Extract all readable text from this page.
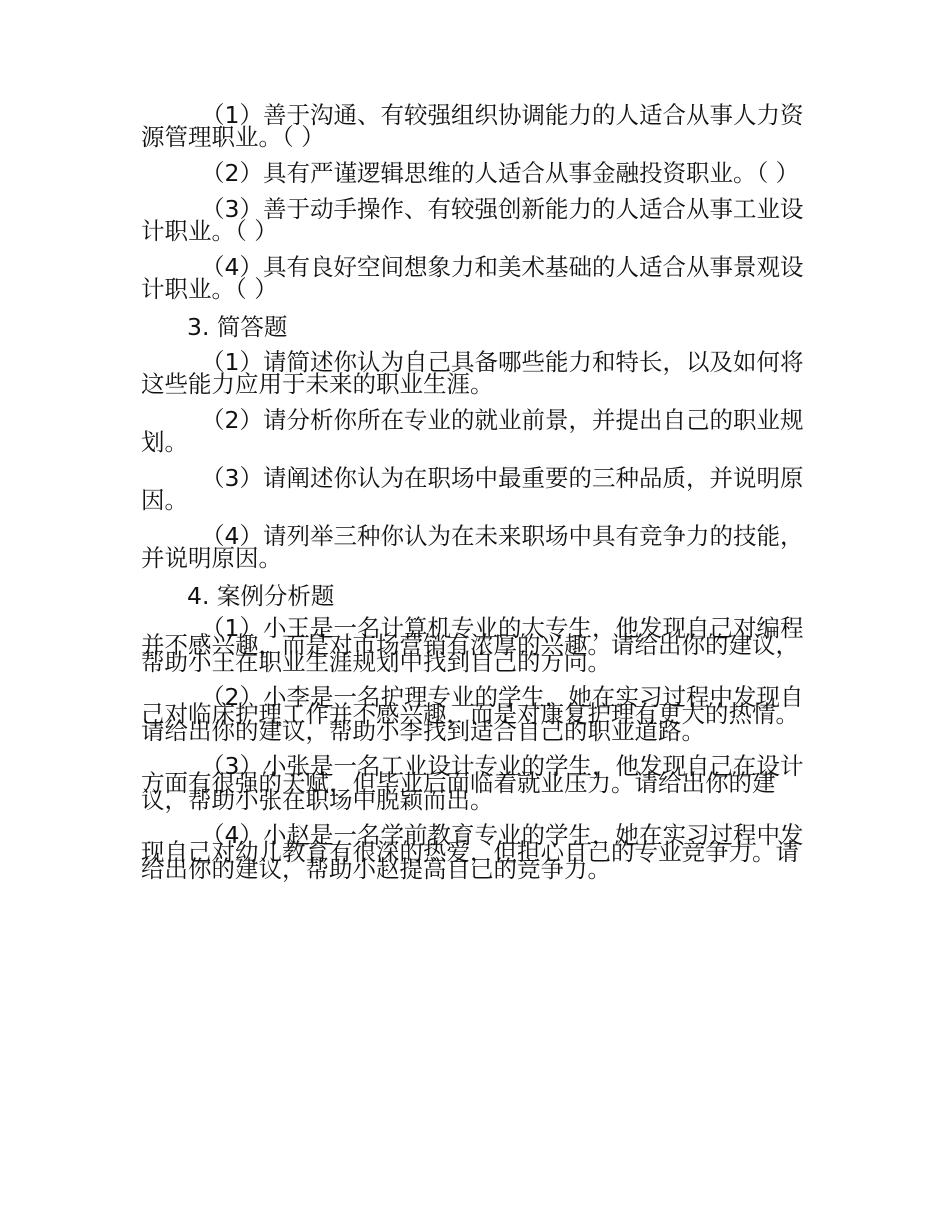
（1）善于沟通、有较强组织协调能力的人适合从事人力资源管理职业。（ ）

（2）具有严谨逻辑思维的人适合从事金融投资职业。（ ）

（3）善于动手操作、有较强创新能力的人适合从事工业设计职业。（ ）

（4）具有良好空间想象力和美术基础的人适合从事景观设计职业。（ ）

3. 简答题

（1）请简述你认为自己具备哪些能力和特长，以及如何将这些能力应用于未来的职业生涯。

（2）请分析你所在专业的就业前景，并提出自己的职业规划。

（3）请阐述你认为在职场中最重要的三种品质，并说明原因。

（4）请列举三种你认为在未来职场中具有竞争力的技能，并说明原因。

4. 案例分析题

（1）小王是一名计算机专业的大专生，他发现自己对编程并不感兴趣，而是对市场营销有浓厚的兴趣。请给出你的建议，帮助小王在职业生涯规划中找到自己的方向。

（2）小李是一名护理专业的学生，她在实习过程中发现自己对临床护理工作并不感兴趣，而是对康复护理有更大的热情。请给出你的建议，帮助小李找到适合自己的职业道路。

（3）小张是一名工业设计专业的学生，他发现自己在设计方面有很强的天赋，但毕业后面临着就业压力。请给出你的建议，帮助小张在职场中脱颖而出。

（4）小赵是一名学前教育专业的学生，她在实习过程中发现自己对幼儿教育有很深的热爱，但担心自己的专业竞争力。请给出你的建议，帮助小赵提高自己的竞争力。
